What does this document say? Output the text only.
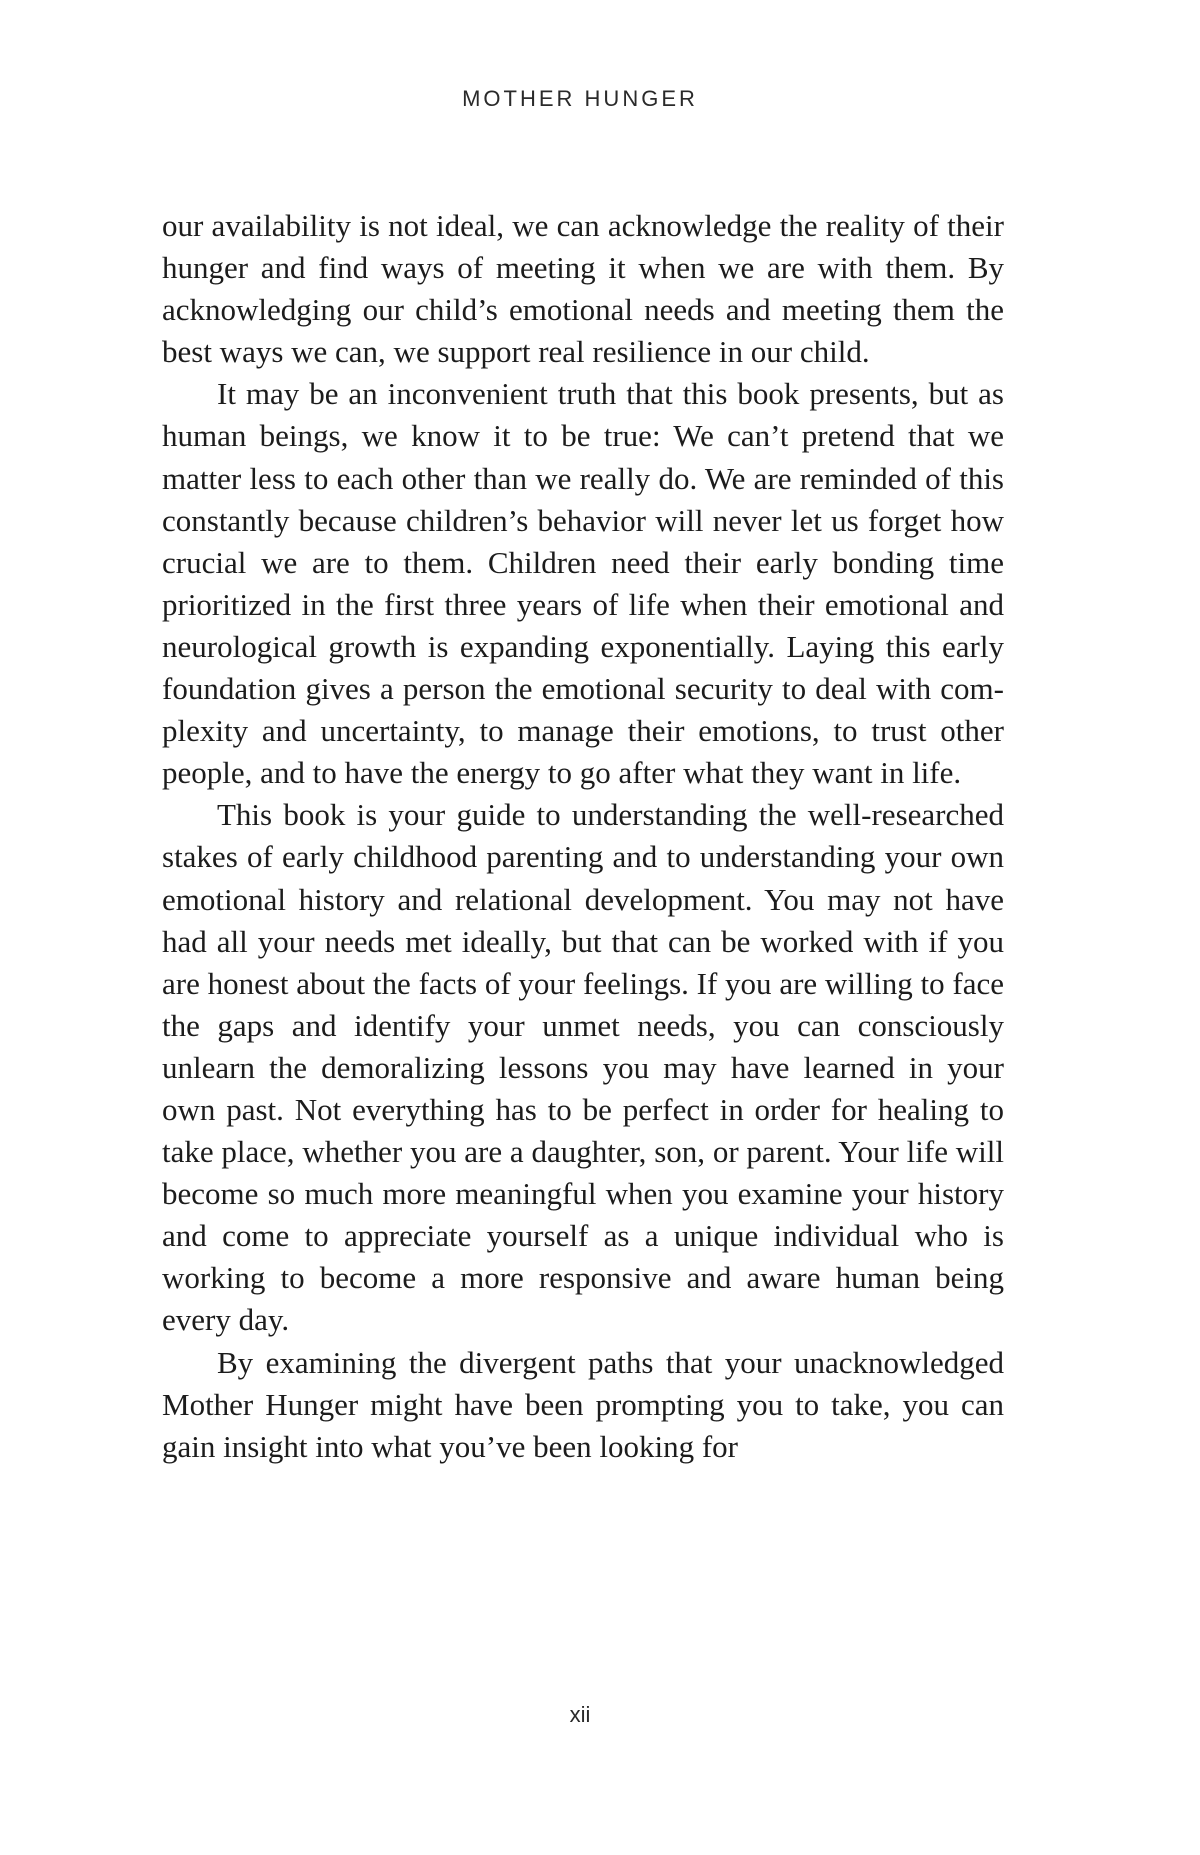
MOTHER HUNGER

our availability is not ideal, we can acknowledge the reality of their hunger and find ways of meeting it when we are with them. By acknowledging our child’s emotional needs and meeting them the best ways we can, we support real resilience in our child.

It may be an inconvenient truth that this book presents, but as human beings, we know it to be true: We can’t pretend that we matter less to each other than we really do. We are reminded of this constantly because children’s behavior will never let us forget how crucial we are to them. Children need their early bonding time prioritized in the first three years of life when their emotional and neurological growth is expanding exponentially. Laying this early foundation gives a person the emotional security to deal with complexity and uncertainty, to manage their emotions, to trust other people, and to have the energy to go after what they want in life.

This book is your guide to understanding the well-researched stakes of early childhood parenting and to understanding your own emotional history and relational development. You may not have had all your needs met ideally, but that can be worked with if you are honest about the facts of your feelings. If you are willing to face the gaps and identify your unmet needs, you can consciously unlearn the demoralizing lessons you may have learned in your own past. Not everything has to be perfect in order for healing to take place, whether you are a daughter, son, or parent. Your life will become so much more meaningful when you examine your history and come to appreciate yourself as a unique individual who is working to become a more responsive and aware human being every day.

By examining the divergent paths that your unacknowledged Mother Hunger might have been prompting you to take, you can gain insight into what you’ve been looking for

xii
